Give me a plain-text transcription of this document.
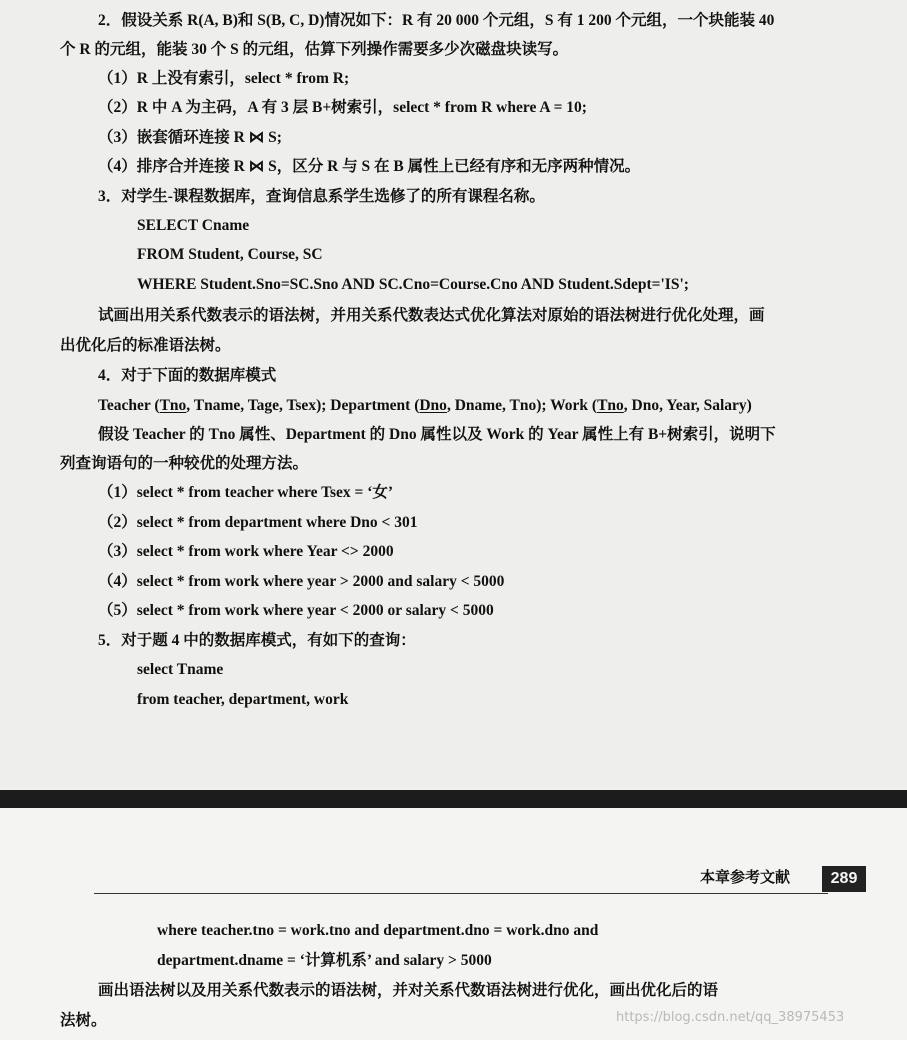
2．假设关系 R(A, B)和 S(B, C, D)情况如下：R 有 20 000 个元组，S 有 1 200 个元组，一个块能装 40
个 R 的元组，能装 30 个 S 的元组，估算下列操作需要多少次磁盘块读写。
（1）R 上没有索引，select * from R;
（2）R 中 A 为主码，A 有 3 层 B+树索引，select * from R where A = 10;
（3）嵌套循环连接 R ⋈ S;
（4）排序合并连接 R ⋈ S，区分 R 与 S 在 B 属性上已经有序和无序两种情况。
3．对学生-课程数据库，查询信息系学生选修了的所有课程名称。
SELECT Cname
FROM Student, Course, SC
WHERE Student.Sno=SC.Sno AND SC.Cno=Course.Cno AND Student.Sdept='IS';
试画出用关系代数表示的语法树，并用关系代数表达式优化算法对原始的语法树进行优化处理，画
出优化后的标准语法树。
4．对于下面的数据库模式
Teacher (Tno, Tname, Tage, Tsex); Department (Dno, Dname, Tno); Work (Tno, Dno, Year, Salary)
假设 Teacher 的 Tno 属性、Department 的 Dno 属性以及 Work 的 Year 属性上有 B+树索引，说明下
列查询语句的一种较优的处理方法。
（1）select * from teacher where Tsex = ‘女’
（2）select * from department where Dno < 301
（3）select * from work where Year <> 2000
（4）select * from work where year > 2000 and salary < 5000
（5）select * from work where year < 2000 or salary < 5000
5．对于题 4 中的数据库模式，有如下的查询：
select Tname
from teacher, department, work
本章参考文献	289
where teacher.tno = work.tno and department.dno = work.dno and
department.dname = ‘计算机系’ and salary > 5000
画出语法树以及用关系代数表示的语法树，并对关系代数语法树进行优化，画出优化后的语
法树。	https://blog.csdn.net/qq_38975453
